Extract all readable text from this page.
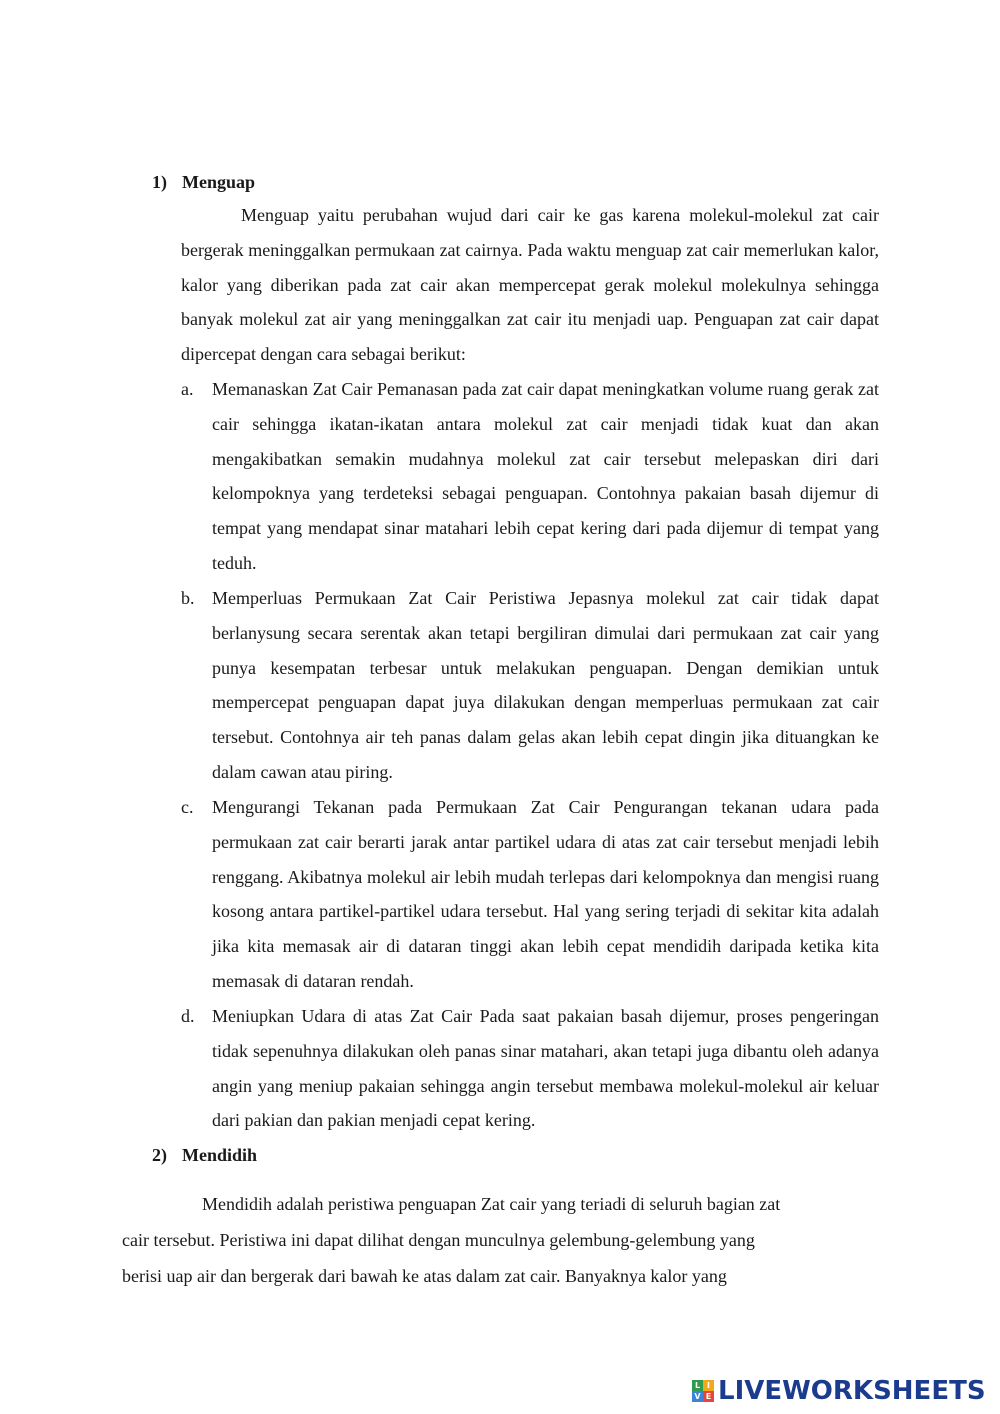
1) Menguap
Menguap yaitu perubahan wujud dari cair ke gas karena molekul-molekul zat cair bergerak meninggalkan permukaan zat cairnya. Pada waktu menguap zat cair memerlukan kalor, kalor yang diberikan pada zat cair akan mempercepat gerak molekul molekulnya sehingga banyak molekul zat air yang meninggalkan zat cair itu menjadi uap. Penguapan zat cair dapat dipercepat dengan cara sebagai berikut:
a. Memanaskan Zat Cair Pemanasan pada zat cair dapat meningkatkan volume ruang gerak zat cair sehingga ikatan-ikatan antara molekul zat cair menjadi tidak kuat dan akan mengakibatkan semakin mudahnya molekul zat cair tersebut melepaskan diri dari kelompoknya yang terdeteksi sebagai penguapan. Contohnya pakaian basah dijemur di tempat yang mendapat sinar matahari lebih cepat kering dari pada dijemur di tempat yang teduh.
b. Memperluas Permukaan Zat Cair Peristiwa Jepasnya molekul zat cair tidak dapat berlanysung secara serentak akan tetapi bergiliran dimulai dari permukaan zat cair yang punya kesempatan terbesar untuk melakukan penguapan. Dengan demikian untuk mempercepat penguapan dapat juya dilakukan dengan memperluas permukaan zat cair tersebut. Contohnya air teh panas dalam gelas akan lebih cepat dingin jika dituangkan ke dalam cawan atau piring.
c. Mengurangi Tekanan pada Permukaan Zat Cair Pengurangan tekanan udara pada permukaan zat cair berarti jarak antar partikel udara di atas zat cair tersebut menjadi lebih renggang. Akibatnya molekul air lebih mudah terlepas dari kelompoknya dan mengisi ruang kosong antara partikel-partikel udara tersebut. Hal yang sering terjadi di sekitar kita adalah jika kita memasak air di dataran tinggi akan lebih cepat mendidih daripada ketika kita memasak di dataran rendah.
d. Meniupkan Udara di atas Zat Cair Pada saat pakaian basah dijemur, proses pengeringan tidak sepenuhnya dilakukan oleh panas sinar matahari, akan tetapi juga dibantu oleh adanya angin yang meniup pakaian sehingga angin tersebut membawa molekul-molekul air keluar dari pakian dan pakian menjadi cepat kering.
2) Mendidih
Mendidih adalah peristiwa penguapan Zat cair yang teriadi di seluruh bagian zat
cair tersebut. Peristiwa ini dapat dilihat dengan munculnya gelembung-gelembung yang
berisi uap air dan bergerak dari bawah ke atas dalam zat cair. Banyaknya kalor yang
L I
V E LIVEWORKSHEETS
